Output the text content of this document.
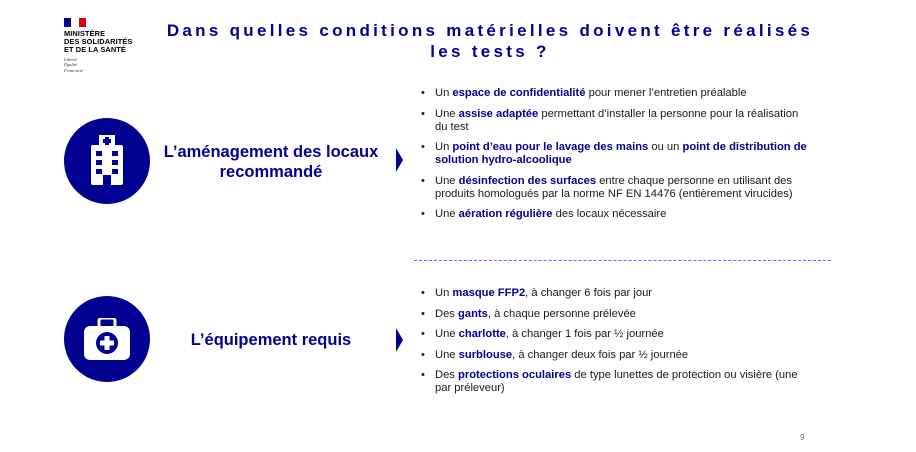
MINISTÈRE
DES SOLIDARITÉS
ET DE LA SANTÉ
Liberté
Égalité
Fraternité
Dans quelles conditions matérielles doivent être réalisés les tests ?
L’aménagement des locaux recommandé
• Un espace de confidentialité pour mener l’entretien préalable
• Une assise adaptée permettant d’installer la personne pour la réalisation du test
• Un point d’eau pour le lavage des mains ou un point de distribution de solution hydro-alcoolique
• Une désinfection des surfaces entre chaque personne en utilisant des produits homologués par la norme NF EN 14476 (entièrement virucides)
• Une aération régulière des locaux nécessaire
L’équipement requis
• Un masque FFP2, à changer 6 fois par jour
• Des gants, à chaque personne prélevée
• Une charlotte, à changer 1 fois par ½ journée
• Une surblouse, à changer deux fois par ½ journée
• Des protections oculaires de type lunettes de protection ou visière (une par préleveur)
9
